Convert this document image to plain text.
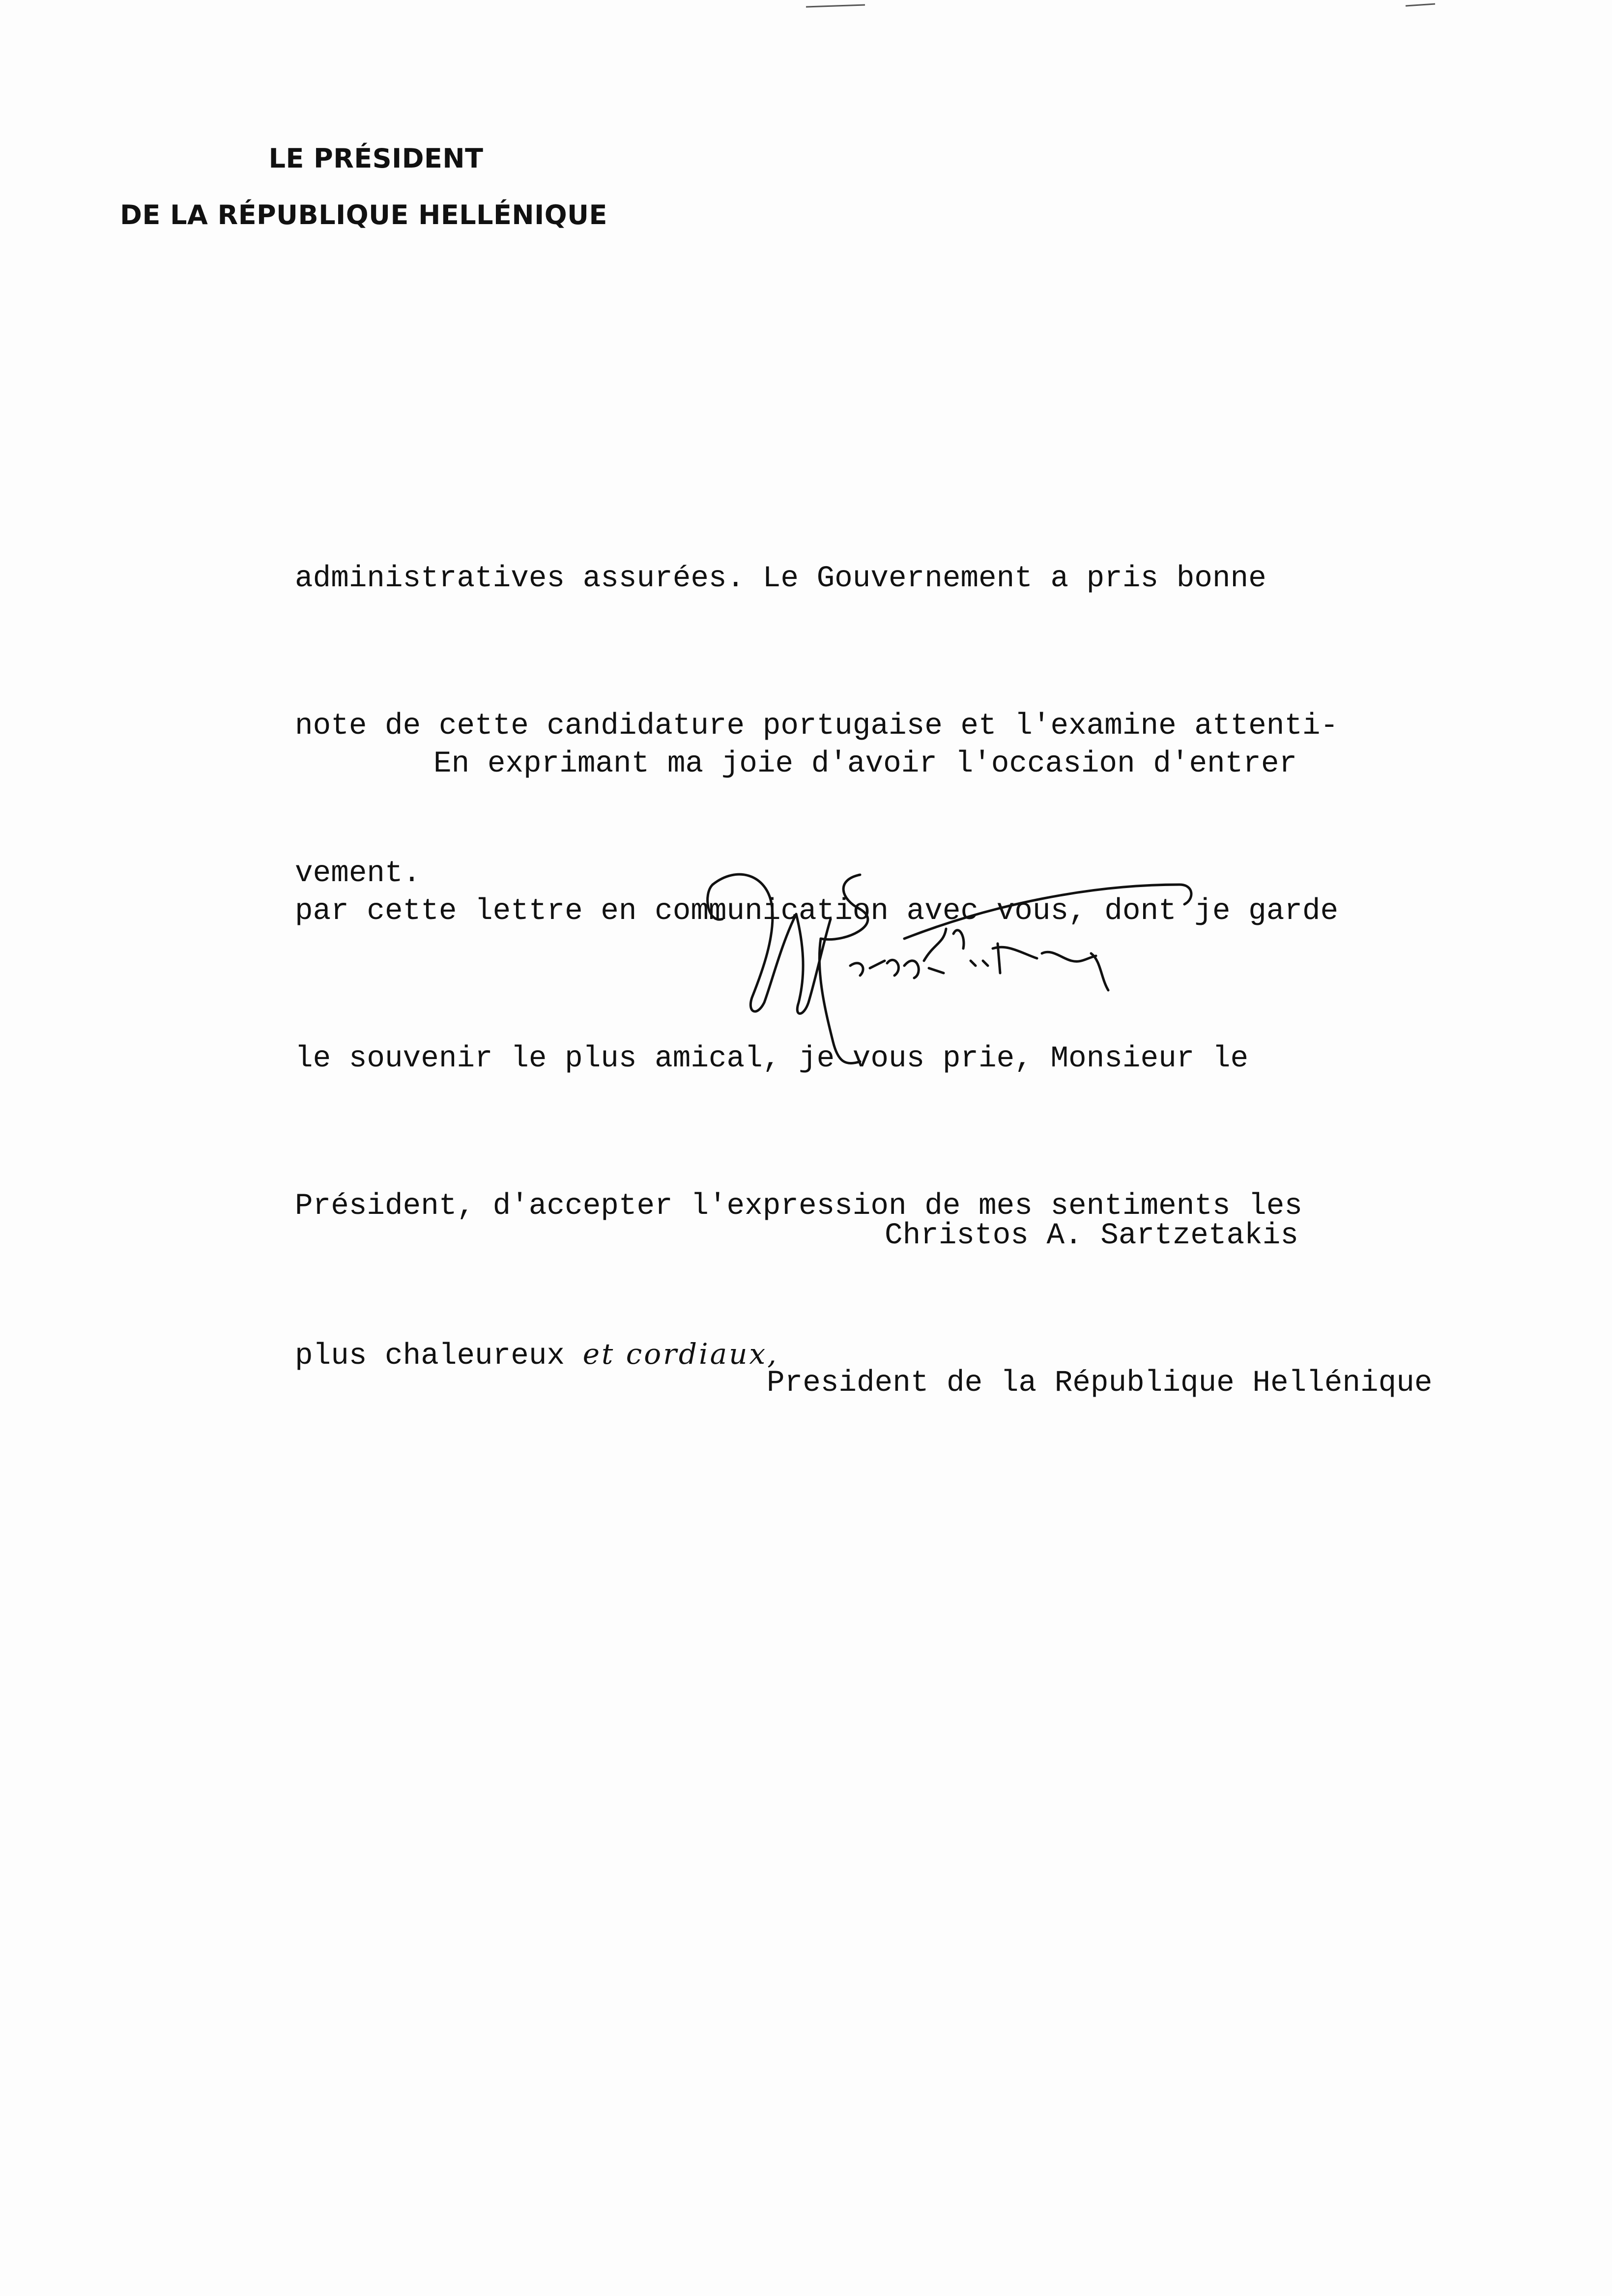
LE PRÉSIDENT
DE LA RÉPUBLIQUE HELLÉNIQUE

administratives assurées. Le Gouvernement a pris bonne

note de cette candidature portugaise et l'examine attenti-

vement.

En exprimant ma joie d'avoir l'occasion d'entrer

par cette lettre en communication avec vous, dont je garde

le souvenir le plus amical, je vous prie, Monsieur le

Président, d'accepter l'expression de mes sentiments les

plus chaleureux et cordiaux,

Christos A. Sartzetakis

President de la République Hellénique
